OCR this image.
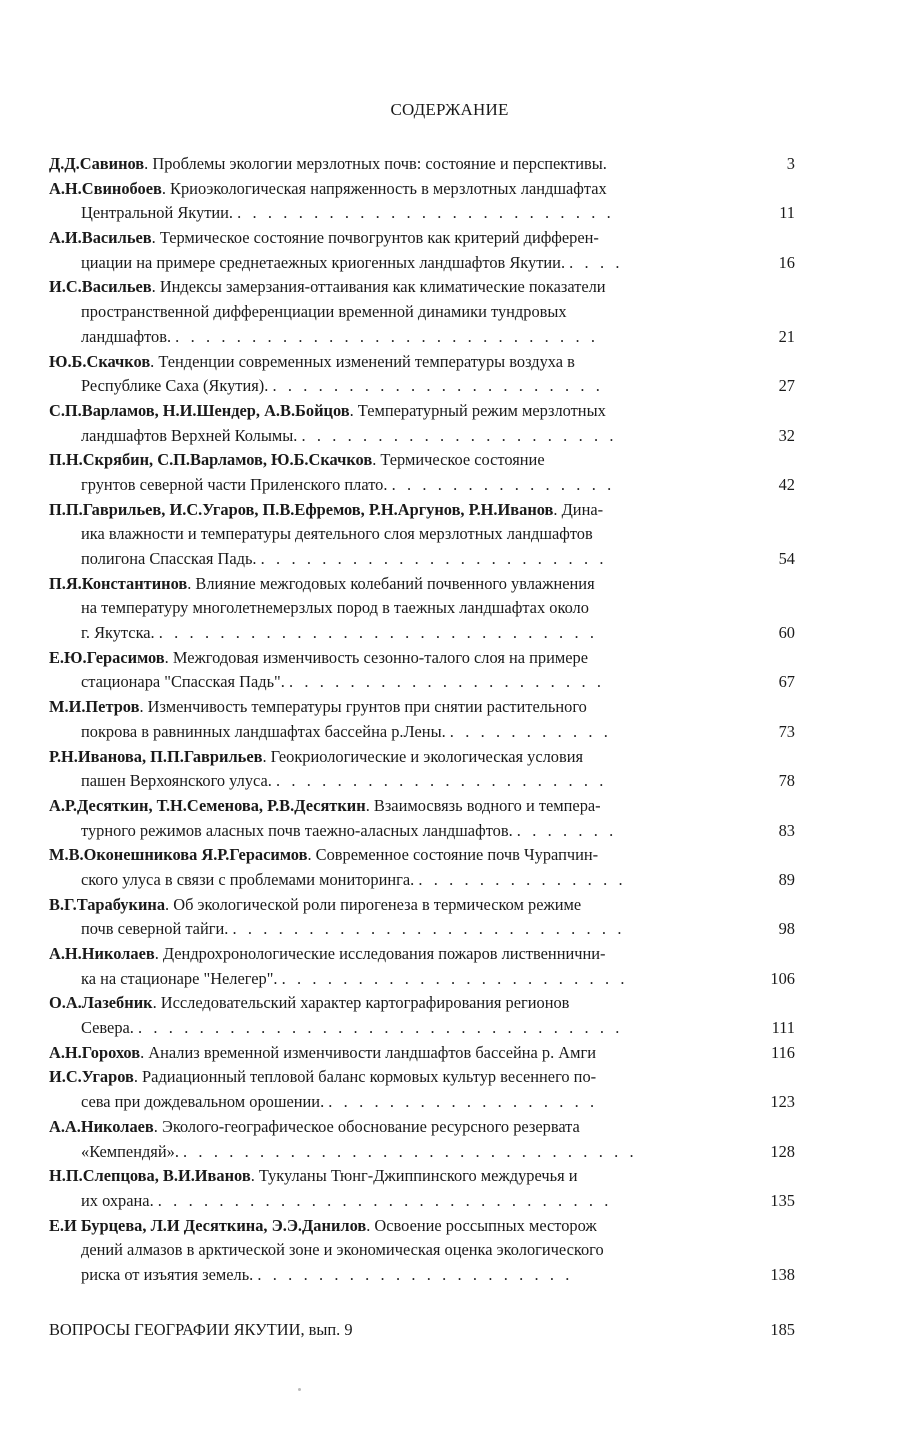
СОДЕРЖАНИЕ
Д.Д.Савинов. Проблемы экологии мерзлотных почв: состояние и перспективы.	3
А.Н.Свинобоев. Криоэкологическая напряженность в мерзлотных ландшафтах
Центральной Якутии. . . . . . . . . . . . . . . . . . . . . . . . . .	11
А.И.Васильев. Термическое состояние почвогрунтов как критерий дифферен-
циации на примере среднетаежных криогенных ландшафтов Якутии. . . . .	16
И.С.Васильев. Индексы замерзания-оттаивания как климатические показатели
пространственной дифференциации временной динамики тундровых
ландшафтов. . . . . . . . . . . . . . . . . . . . . . . . . . . . .	21
Ю.Б.Скачков. Тенденции современных изменений температуры воздуха в
Республике Саха (Якутия). . . . . . . . . . . . . . . . . . . . . . .	27
С.П.Варламов, Н.И.Шендер, А.В.Бойцов. Температурный режим мерзлотных
ландшафтов Верхней Колымы. . . . . . . . . . . . . . . . . . . . . .	32
П.Н.Скрябин, С.П.Варламов, Ю.Б.Скачков. Термическое состояние
грунтов северной части Приленского плато. . . . . . . . . . . . . . . .	42
П.П.Гаврильев, И.С.Угаров, П.В.Ефремов, Р.Н.Аргунов, Р.Н.Иванов. Дина-
ика влажности и температуры деятельного слоя мерзлотных ландшафтов
полигона Спасская Падь. . . . . . . . . . . . . . . . . . . . . . . .	54
П.Я.Константинов. Влияние межгодовых колебаний почвенного увлажнения
на температуру многолетнемерзлых пород в таежных ландшафтах около
г. Якутска. . . . . . . . . . . . . . . . . . . . . . . . . . . . . .	60
Е.Ю.Герасимов. Межгодовая изменчивость сезонно-талого слоя на примере
стационара "Спасская Падь". . . . . . . . . . . . . . . . . . . . . .	67
М.И.Петров. Изменчивость температуры грунтов при снятии растительного
покрова в равнинных ландшафтах бассейна р.Лены. . . . . . . . . . . .	73
Р.Н.Иванова, П.П.Гаврильев. Геокриологические и экологическая условия
пашен Верхоянского улуса. . . . . . . . . . . . . . . . . . . . . . .	78
А.Р.Десяткин, Т.Н.Семенова, Р.В.Десяткин. Взаимосвязь водного и темпера-
турного режимов аласных почв таежно-аласных ландшафтов. . . . . . . .	83
М.В.Оконешникова Я.Р.Герасимов. Современное состояние почв Чурапчин-
ского улуса в связи с проблемами мониторинга. . . . . . . . . . . . . . .	89
В.Г.Тарабукина. Об экологической роли пирогенеза в термическом режиме
почв северной тайги. . . . . . . . . . . . . . . . . . . . . . . . . . .	98
А.Н.Николаев. Дендрохронологические исследования пожаров лиственнични-
ка на стационаре "Нелегер". . . . . . . . . . . . . . . . . . . . . . . .	106
О.А.Лазебник. Исследовательский характер картографирования регионов
Севера. . . . . . . . . . . . . . . . . . . . . . . . . . . . . . . . .	111
А.Н.Горохов. Анализ временной изменчивости ландшафтов бассейна р. Амги	116
И.С.Угаров. Радиационный тепловой баланс кормовых культур весеннего по-
сева при дождевальном орошении. . . . . . . . . . . . . . . . . . .	123
А.А.Николаев. Эколого-географическое обоснование ресурсного резервата
«Кемпендяй». . . . . . . . . . . . . . . . . . . . . . . . . . . . . . .	128
Н.П.Слепцова, В.И.Иванов. Тукуланы Тюнг-Джиппинского междуречья и
их охрана. . . . . . . . . . . . . . . . . . . . . . . . . . . . . . .	135
Е.И Бурцева, Л.И Десяткина, Э.Э.Данилов. Освоение россыпных месторож
дений алмазов в арктической зоне и экономическая оценка экологического
риска от изъятия земель. . . . . . . . . . . . . . . . . . . . . .	138
ВОПРОСЫ ГЕОГРАФИИ ЯКУТИИ, вып. 9	185
